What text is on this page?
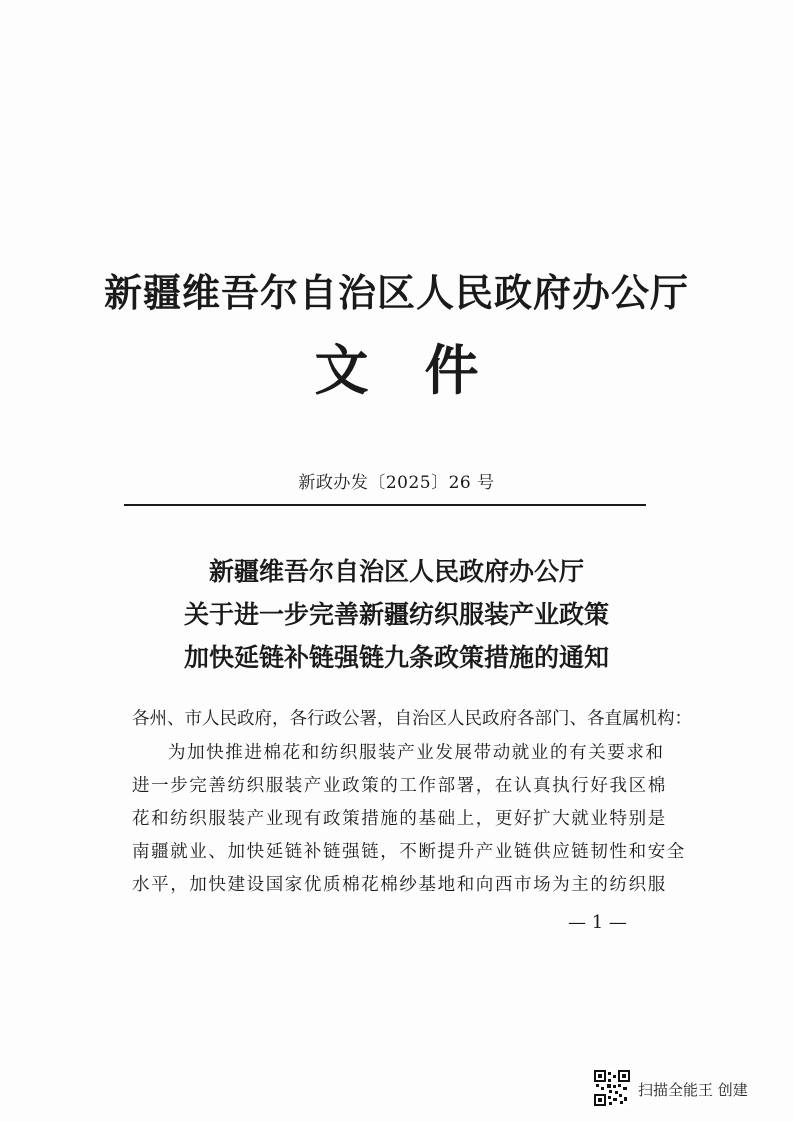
新疆维吾尔自治区人民政府办公厅
文 件
新政办发〔2025〕26 号
新疆维吾尔自治区人民政府办公厅
关于进一步完善新疆纺织服装产业政策
加快延链补链强链九条政策措施的通知
各州、市人民政府，各行政公署，自治区人民政府各部门、各直属机构：
为加快推进棉花和纺织服装产业发展带动就业的有关要求和
进一步完善纺织服装产业政策的工作部署，在认真执行好我区棉
花和纺织服装产业现有政策措施的基础上，更好扩大就业特别是
南疆就业、加快延链补链强链，不断提升产业链供应链韧性和安全
水平，加快建设国家优质棉花棉纱基地和向西市场为主的纺织服
— 1 —
扫描全能王 创建
